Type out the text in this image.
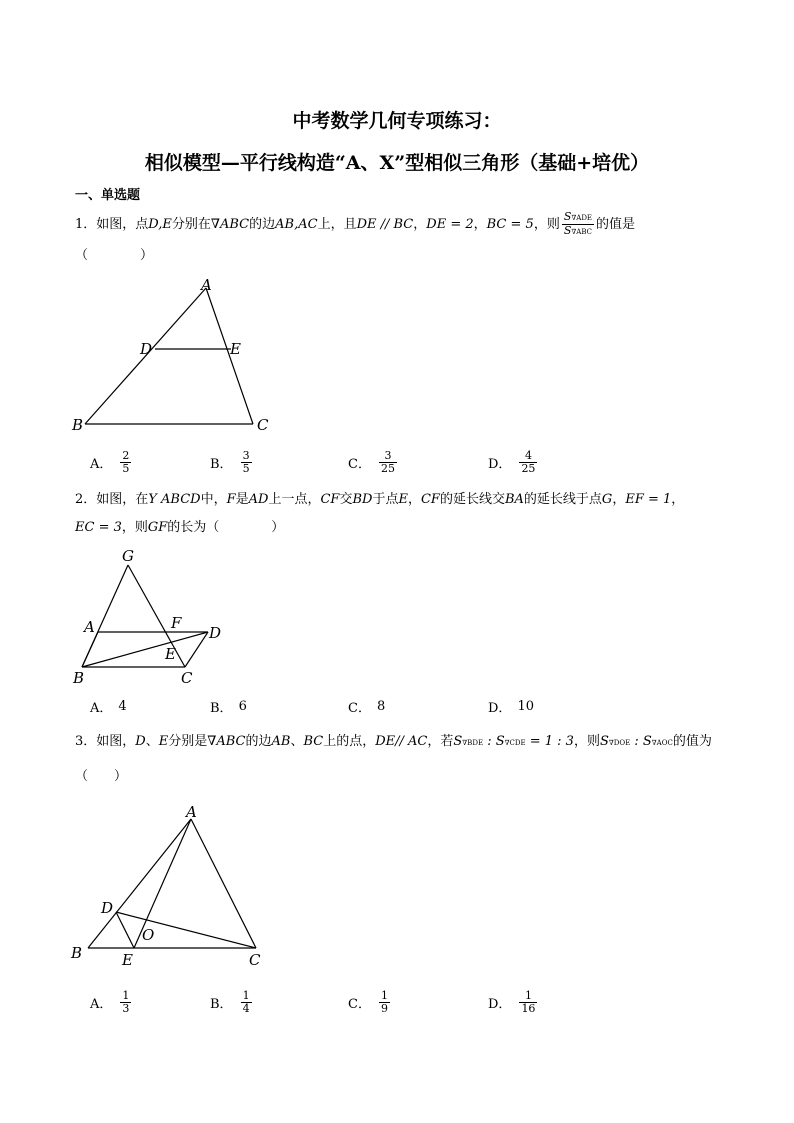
中考数学几何专项练习：
相似模型—平行线构造“A、X”型相似三角形（基础+培优）
一、单选题
1．如图，点D,E分别在∇ABC的边AB,AC上，且DE // BC，DE = 2，BC = 5，则 $\frac{\text{S∇ADE}}{\text{S∇ABC}}$ 的值是
（　　　　）
A
D	E
B	C
A． $\frac{2}{5}$	B． $\frac{3}{5}$	C． $\frac{3}{25}$	D． $\frac{4}{25}$
2．如图，在Y ABCD中，F是AD上一点，CF交BD于点E，CF的延长线交BA的延长线于点G，EF = 1，
EC = 3，则GF的长为（　　　　）
G
A	F
D
E
B	C
A． 4	B． 6	C． 8	D． 10
3．如图，D、E分别是∇ABC的边AB、BC上的点，DE// AC，若S∇BDE : S∇CDE = 1 : 3，则S∇DOE : S∇AOC的值为
（　　）
A
D
O
B	E	C
A． $\frac{1}{3}$	B． $\frac{1}{4}$	C． $\frac{1}{9}$	D． $\frac{1}{16}$
